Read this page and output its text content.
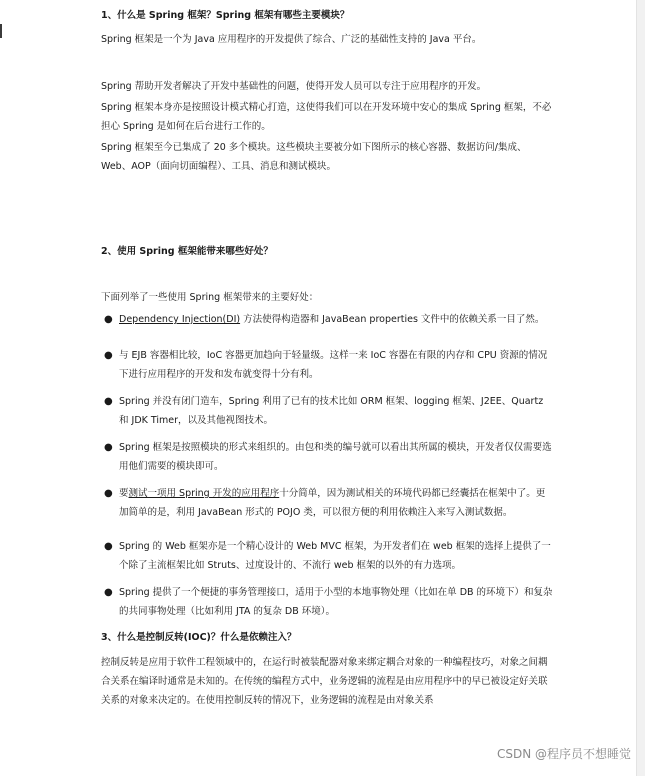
1、什么是 Spring 框架？Spring 框架有哪些主要模块？

Spring 框架是一个为 Java 应用程序的开发提供了综合、广泛的基础性支持的 Java 平台。

Spring 帮助开发者解决了开发中基础性的问题，使得开发人员可以专注于应用程序的开发。

Spring 框架本身亦是按照设计模式精心打造，这使得我们可以在开发环境中安心的集成 Spring 框架，不必担心 Spring 是如何在后台进行工作的。

Spring 框架至今已集成了 20 多个模块。这些模块主要被分如下图所示的核心容器、数据访问/集成、Web、AOP（面向切面编程）、工具、消息和测试模块。

2、使用 Spring 框架能带来哪些好处？

下面列举了一些使用 Spring 框架带来的主要好处：

● Dependency Injection(DI) 方法使得构造器和 JavaBean properties 文件中的依赖关系一目了然。
● 与 EJB 容器相比较，IoC 容器更加趋向于轻量级。这样一来 IoC 容器在有限的内存和 CPU 资源的情况下进行应用程序的开发和发布就变得十分有利。
● Spring 并没有闭门造车，Spring 利用了已有的技术比如 ORM 框架、logging 框架、J2EE、Quartz 和 JDK Timer，以及其他视图技术。
● Spring 框架是按照模块的形式来组织的。由包和类的编号就可以看出其所属的模块，开发者仅仅需要选用他们需要的模块即可。
● 要测试一项用 Spring 开发的应用程序十分简单，因为测试相关的环境代码都已经囊括在框架中了。更加简单的是，利用 JavaBean 形式的 POJO 类，可以很方便的利用依赖注入来写入测试数据。
● Spring 的 Web 框架亦是一个精心设计的 Web MVC 框架，为开发者们在 web 框架的选择上提供了一个除了主流框架比如 Struts、过度设计的、不流行 web 框架的以外的有力选项。
● Spring 提供了一个便捷的事务管理接口，适用于小型的本地事物处理（比如在单 DB 的环境下）和复杂的共同事物处理（比如利用 JTA 的复杂 DB 环境）。

3、什么是控制反转(IOC)？什么是依赖注入？

控制反转是应用于软件工程领域中的，在运行时被装配器对象来绑定耦合对象的一种编程技巧，对象之间耦合关系在编译时通常是未知的。在传统的编程方式中，业务逻辑的流程是由应用程序中的早已被设定好关联关系的对象来决定的。在使用控制反转的情况下，业务逻辑的流程是由对象关系

CSDN @程序员不想睡觉
